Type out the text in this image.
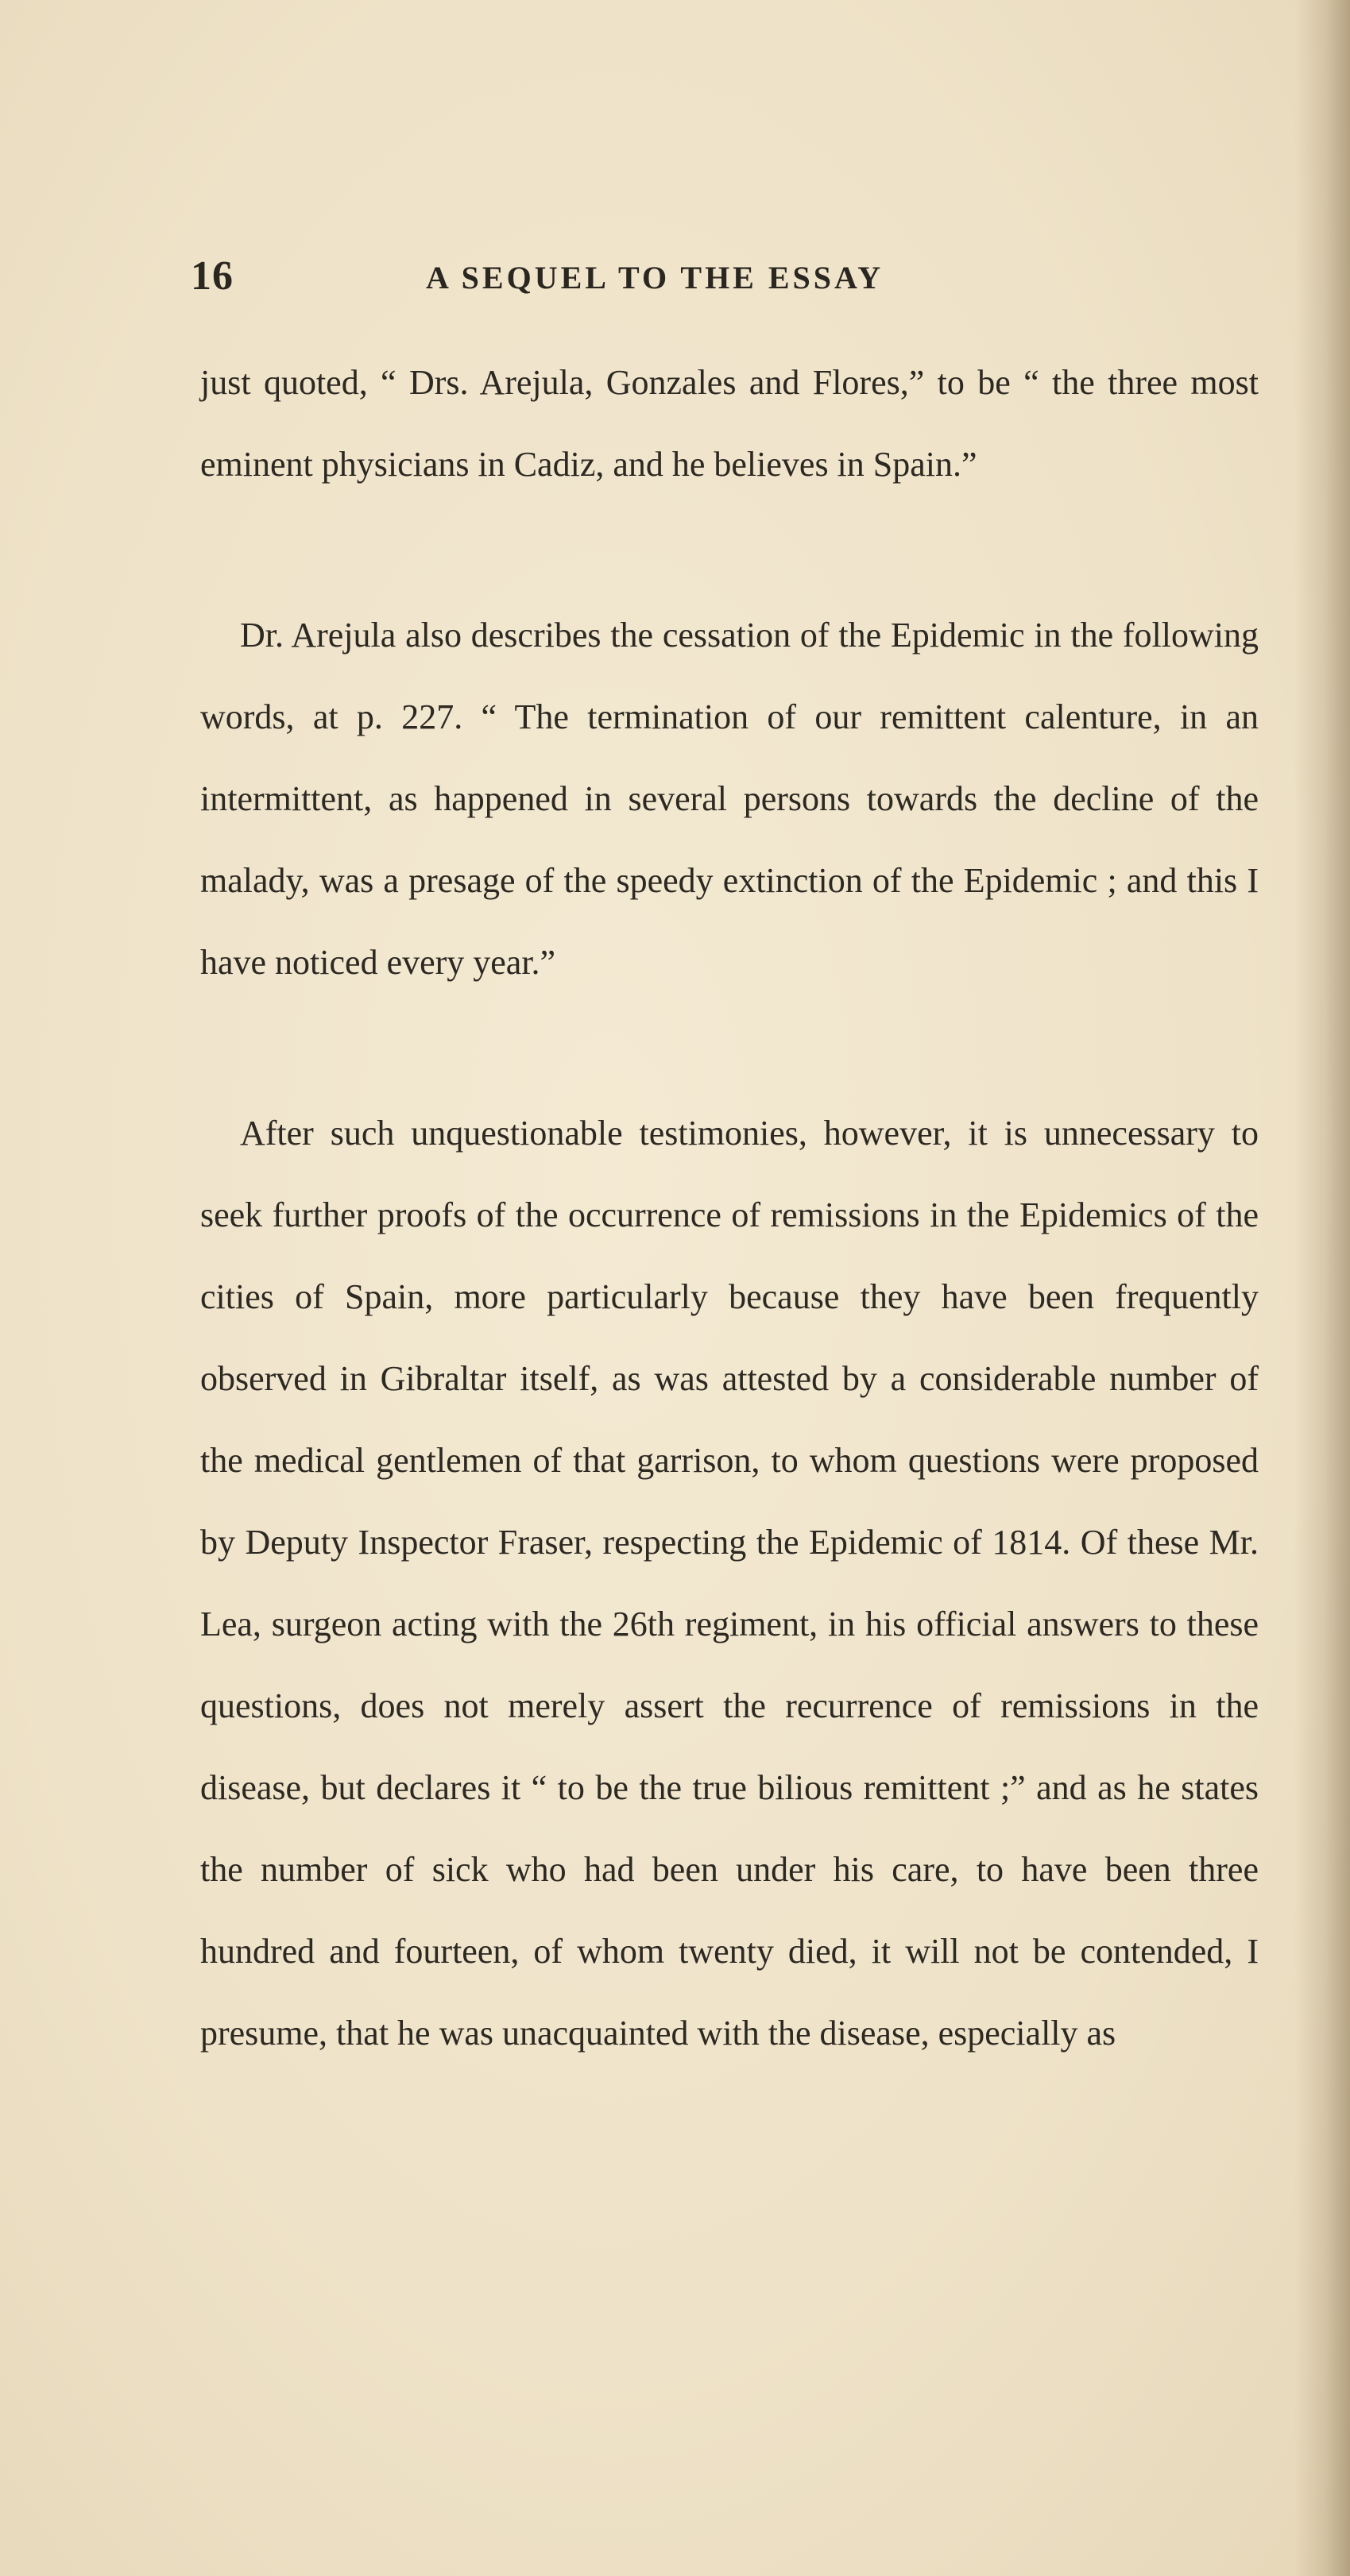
16	A SEQUEL TO THE ESSAY

just quoted, “ Drs. Arejula, Gonzales and Flores,” to be “ the three most eminent physicians in Cadiz, and he believes in Spain.”

Dr. Arejula also describes the cessation of the Epidemic in the following words, at p. 227. “ The termination of our remittent calenture, in an intermittent, as happened in several persons towards the decline of the malady, was a presage of the speedy extinction of the Epidemic ; and this I have noticed every year.”

After such unquestionable testimonies, however, it is unnecessary to seek further proofs of the occurrence of remissions in the Epidemics of the cities of Spain, more particularly because they have been frequently observed in Gibraltar itself, as was attested by a considerable number of the medical gentlemen of that garrison, to whom questions were proposed by Deputy Inspector Fraser, respecting the Epidemic of 1814. Of these Mr. Lea, surgeon acting with the 26th regiment, in his official answers to these questions, does not merely assert the recurrence of remissions in the disease, but declares it “ to be the true bilious remittent ;” and as he states the number of sick who had been under his care, to have been three hundred and fourteen, of whom twenty died, it will not be contended, I presume, that he was unacquainted with the disease, especially as
